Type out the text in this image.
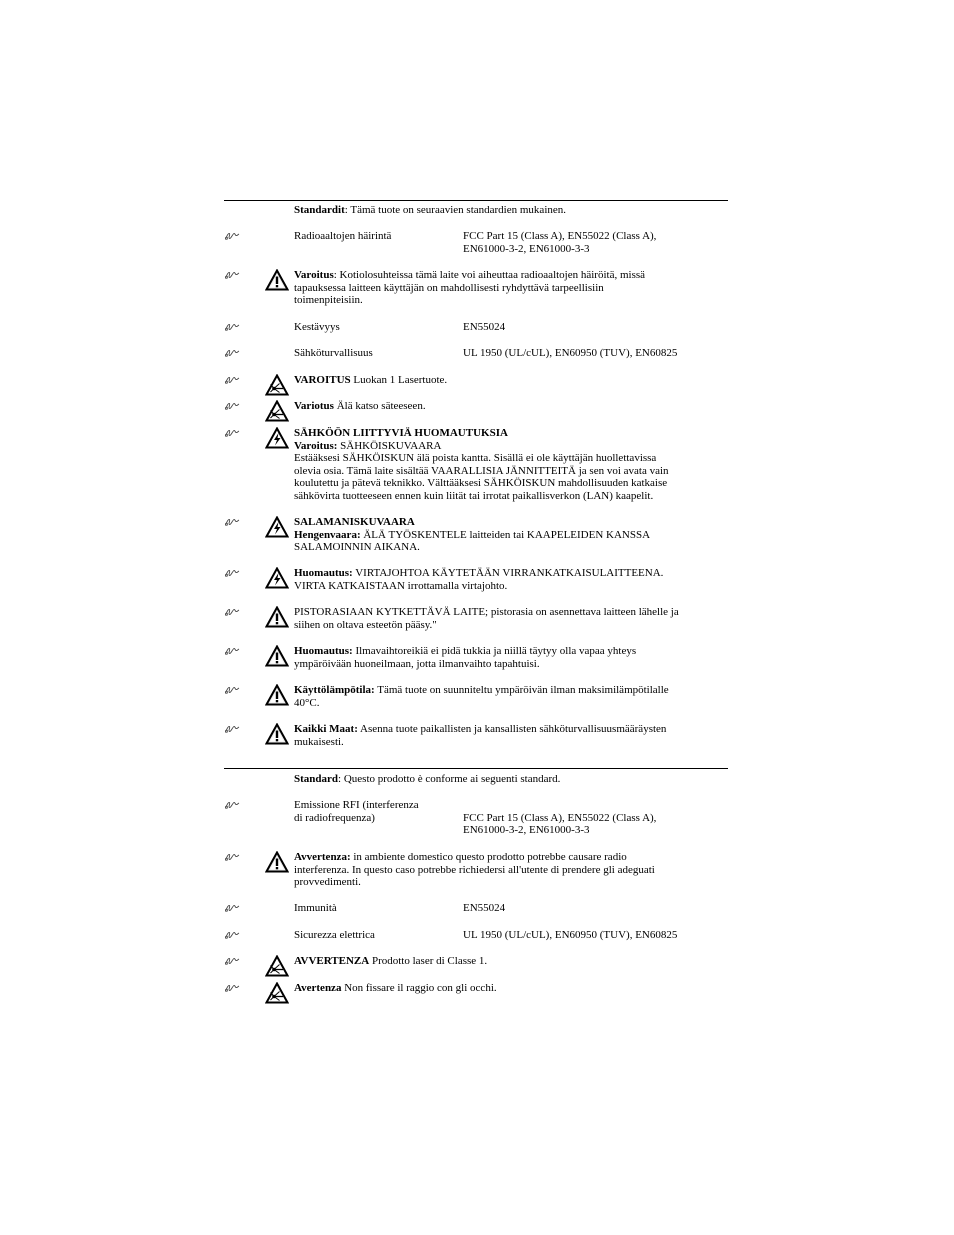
Standardit: Tämä tuote on seuraavien standardien mukainen.
Radioaaltojen häirintä	FCC Part 15 (Class A), EN55022 (Class A),
EN61000-3-2, EN61000-3-3
Varoitus: Kotiolosuhteissa tämä laite voi aiheuttaa radioaaltojen häiröitä, missä
tapauksessa laitteen käyttäjän on mahdollisesti ryhdyttävä tarpeellisiin
toimenpiteisiin.
Kestävyys	EN55024
Sähköturvallisuus	UL 1950 (UL/cUL), EN60950 (TUV), EN60825
VAROITUS Luokan 1 Lasertuote.
Variotus Älä katso säteeseen.
SÄHKÖÖN LIITTYVIÄ HUOMAUTUKSIA
Varoitus: SÄHKÖISKUVAARA
Estääksesi SÄHKÖISKUN älä poista kantta. Sisällä ei ole käyttäjän huollettavissa
olevia osia. Tämä laite sisältää VAARALLISIA JÄNNITTEITÄ ja sen voi avata vain
koulutettu ja pätevä teknikko. Välttääksesi SÄHKÖISKUN mahdollisuuden katkaise
sähkövirta tuotteeseen ennen kuin liität tai irrotat paikallisverkon (LAN) kaapelit.
SALAMANISKUVAARA
Hengenvaara: ÄLÄ TYÖSKENTELE laitteiden tai KAAPELEIDEN KANSSA
SALAMOINNIN AIKANA.
Huomautus: VIRTAJOHTOA KÄYTETÄÄN VIRRANKATKAISULAITTEENA.
VIRTA KATKAISTAAN irrottamalla virtajohto.
PISTORASIAAN KYTKETTÄVÄ LAITE; pistorasia on asennettava laitteen lähelle ja
siihen on oltava esteetön pääsy."
Huomautus: Ilmavaihtoreikiä ei pidä tukkia ja niillä täytyy olla vapaa yhteys
ympäröivään huoneilmaan, jotta ilmanvaihto tapahtuisi.
Käyttölämpötila: Tämä tuote on suunniteltu ympäröivän ilman maksimilämpötilalle
40°C.
Kaikki Maat: Asenna tuote paikallisten ja kansallisten sähköturvallisuusmääräysten
mukaisesti.
Standard: Questo prodotto è conforme ai seguenti standard.
Emissione RFI (interferenza
di radiofrequenza)	FCC Part 15 (Class A), EN55022 (Class A),
EN61000-3-2, EN61000-3-3
Avvertenza: in ambiente domestico questo prodotto potrebbe causare radio
interferenza. In questo caso potrebbe richiedersi all'utente di prendere gli adeguati
provvedimenti.
Immunità	EN55024
Sicurezza elettrica	UL 1950 (UL/cUL), EN60950 (TUV), EN60825
AVVERTENZA Prodotto laser di Classe 1.
Avertenza Non fissare il raggio con gli occhi.
